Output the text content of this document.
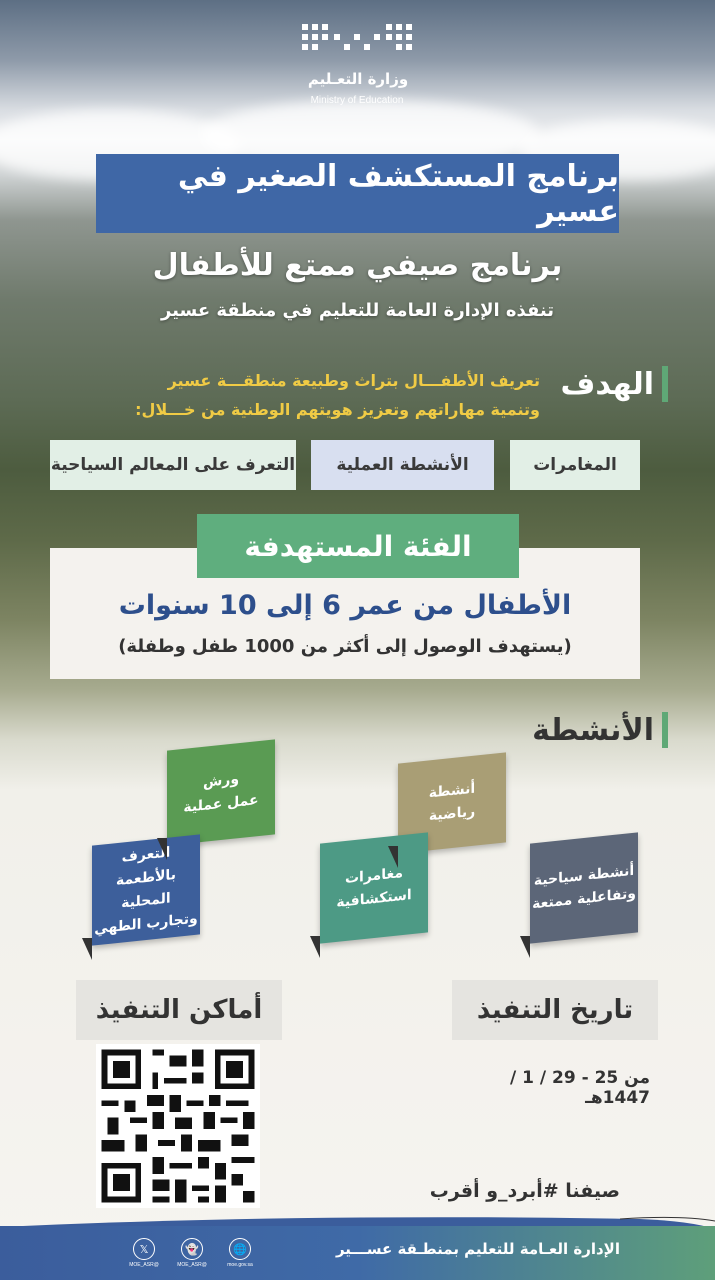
وزارة التعـليم
Ministry of Education
برنامج المستكشف الصغير في عسير
برنامج صيفي ممتع للأطفال
تنفذه الإدارة العامة للتعليم في منطقة عسير
الهدف
تعريف الأطفـــال بتراث وطبيعة منطقـــة عسير
وتنمية مهاراتهم وتعزيز هويتهم الوطنية من خـــلال:
المغامرات
الأنشطة العملية
التعرف على المعالم السياحية
الفئة المستهدفة
الأطفال من عمر 6 إلى 10 سنوات
(يستهدف الوصول إلى أكثر من 1000 طفل وطفلة)
الأنشطة
ورش
عمل عملية
أنشطة
رياضية
التعرف
بالأطعمة المحلية
وتجارب الطهي
مغامرات
استكشافية
أنشطة سياحية
وتفاعلية ممتعة
أماكن التنفيذ	تاريخ التنفيذ
من 25 - 29 / 1 / 1447هـ
صيفنا #أبرد_و أقرب
الإدارة العـامة للتعليم بمنطـقة عســـير
𝕏
@MOE_ASR
👻
@MOE_ASR
🌐
moe.gov.sa
